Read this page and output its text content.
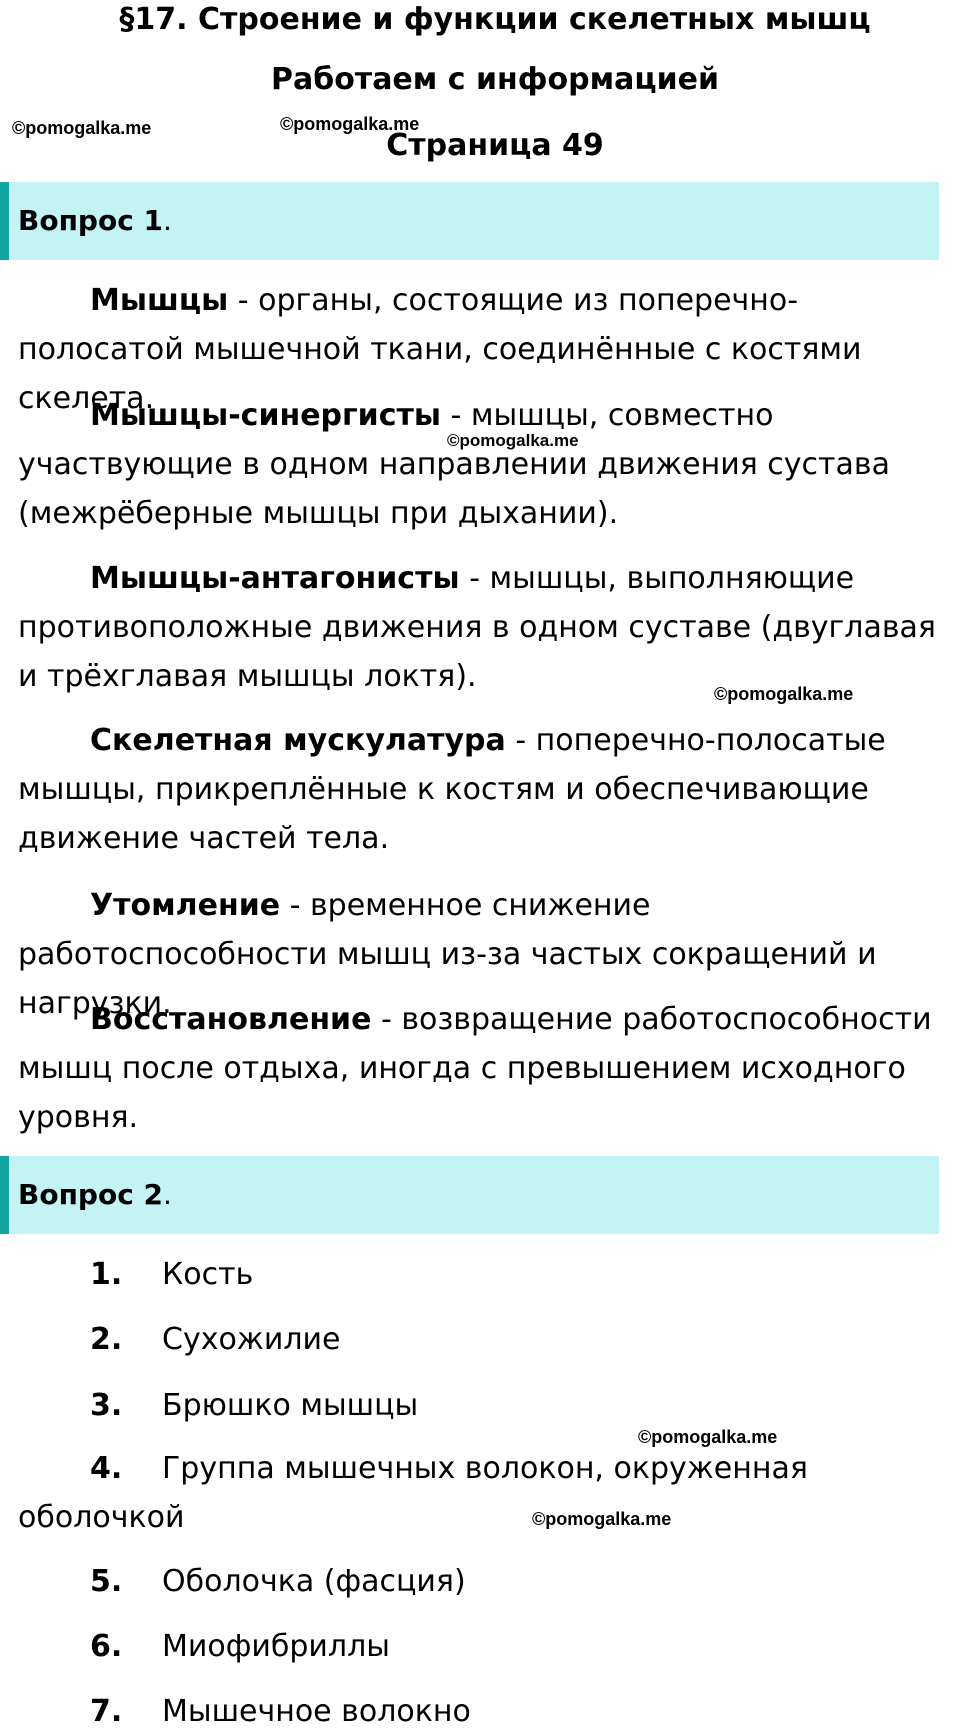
§17. Строение и функции скелетных мышц
Работаем с информацией
Страница 49
©pomogalka.me	©pomogalka.me
©pomogalka.me
©pomogalka.me
©pomogalka.me
©pomogalka.me
Вопрос 1.

Мышцы - органы, состоящие из поперечно-полосатой мышечной ткани, соединённые с костями скелета.

Мышцы-синергисты - мышцы, совместно участвующие в одном направлении движения сустава (межрёберные мышцы при дыхании).

Мышцы-антагонисты - мышцы, выполняющие противоположные движения в одном суставе (двуглавая и трёхглавая мышцы локтя).

Скелетная мускулатура - поперечно-полосатые мышцы, прикреплённые к костям и обеспечивающие движение частей тела.

Утомление - временное снижение работоспособности мышц из-за частых сокращений и нагрузки.

Восстановление - возвращение работоспособности мышц после отдыха, иногда с превышением исходного уровня.

Вопрос 2.

1. Кость

2. Сухожилие

3. Брюшко мышцы

4. Группа мышечных волокон, окруженная оболочкой

5. Оболочка (фасция)

6. Миофибриллы

7. Мышечное волокно
